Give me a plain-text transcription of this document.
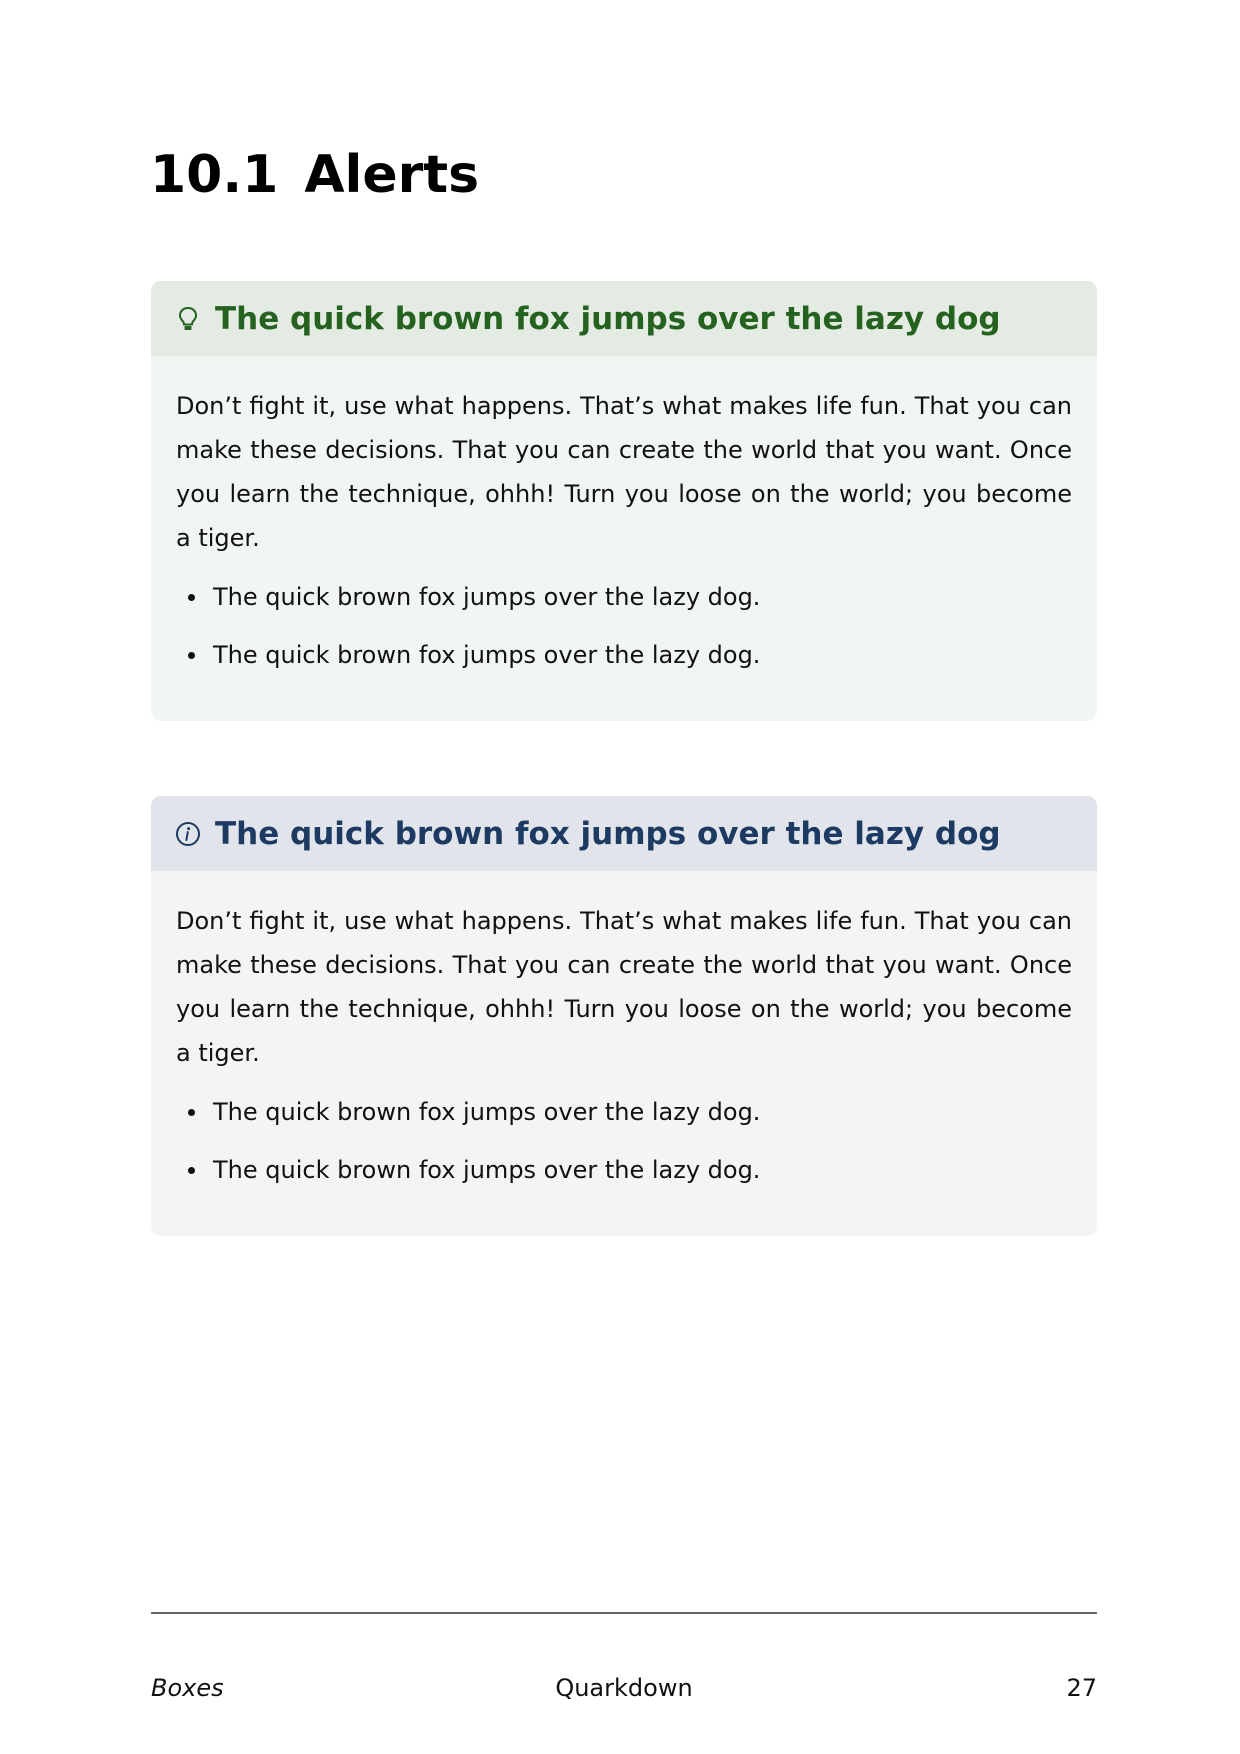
10.1 Alerts
The quick brown fox jumps over the lazy dog

Don’t fight it, use what happens. That’s what makes life fun. That you can make these decisions. That you can create the world that you want. Once you learn the technique, ohhh! Turn you loose on the world; you become a tiger.

The quick brown fox jumps over the lazy dog.
The quick brown fox jumps over the lazy dog.
The quick brown fox jumps over the lazy dog

Don’t fight it, use what happens. That’s what makes life fun. That you can make these decisions. That you can create the world that you want. Once you learn the technique, ohhh! Turn you loose on the world; you become a tiger.

The quick brown fox jumps over the lazy dog.
The quick brown fox jumps over the lazy dog.
Boxes	Quarkdown	27
